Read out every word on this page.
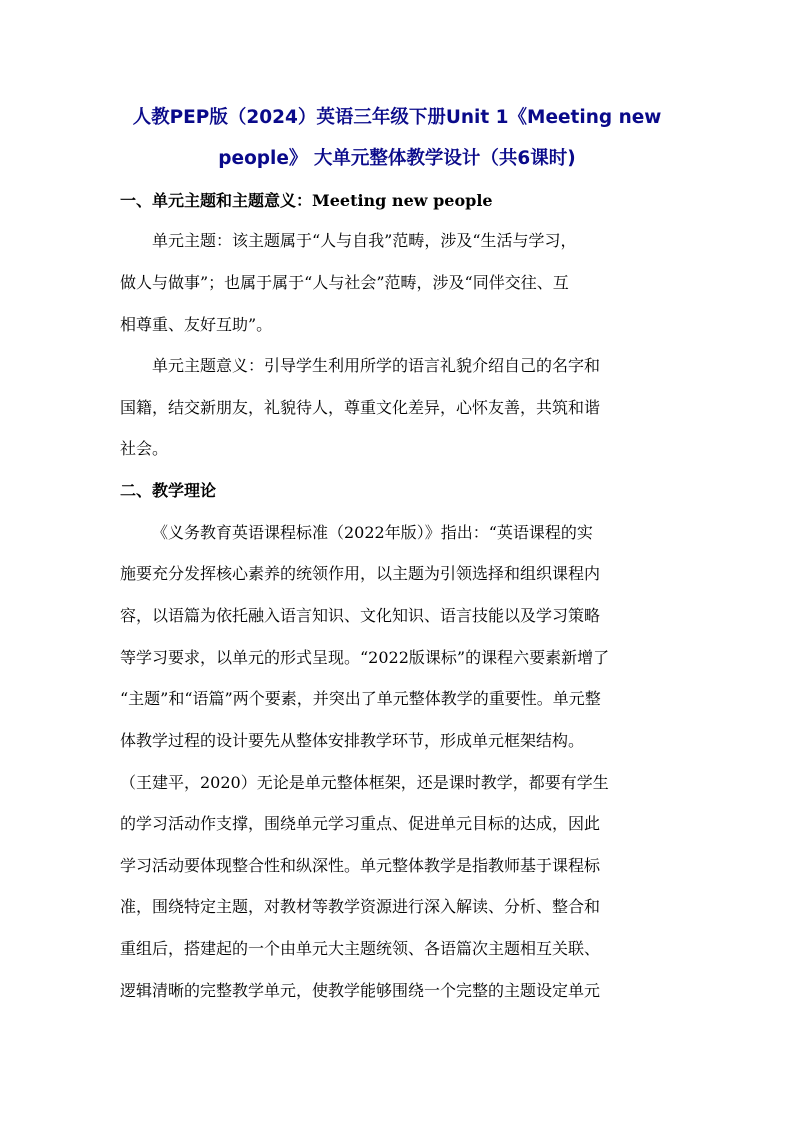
人教PEP版（2024）英语三年级下册Unit 1《Meeting new
people》 大单元整体教学设计（共6课时)
一、单元主题和主题意义：Meeting new people
单元主题：该主题属于“人与自我”范畴，涉及“生活与学习，
做人与做事”；也属于属于“人与社会”范畴，涉及“同伴交往、互
相尊重、友好互助”。
单元主题意义：引导学生利用所学的语言礼貌介绍自己的名字和
国籍，结交新朋友，礼貌待人，尊重文化差异，心怀友善，共筑和谐
社会。
二、教学理论
《义务教育英语课程标准（2022年版）》指出：“英语课程的实
施要充分发挥核心素养的统领作用，以主题为引领选择和组织课程内
容，以语篇为依托融入语言知识、文化知识、语言技能以及学习策略
等学习要求，以单元的形式呈现。“2022版课标”的课程六要素新增了
“主题”和“语篇”两个要素，并突出了单元整体教学的重要性。单元整
体教学过程的设计要先从整体安排教学环节，形成单元框架结构。
（王建平，2020）无论是单元整体框架，还是课时教学，都要有学生
的学习活动作支撑，围绕单元学习重点、促进单元目标的达成，因此
学习活动要体现整合性和纵深性。单元整体教学是指教师基于课程标
准，围绕特定主题，对教材等教学资源进行深入解读、分析、整合和
重组后，搭建起的一个由单元大主题统领、各语篇次主题相互关联、
逻辑清晰的完整教学单元，使教学能够围绕一个完整的主题设定单元
